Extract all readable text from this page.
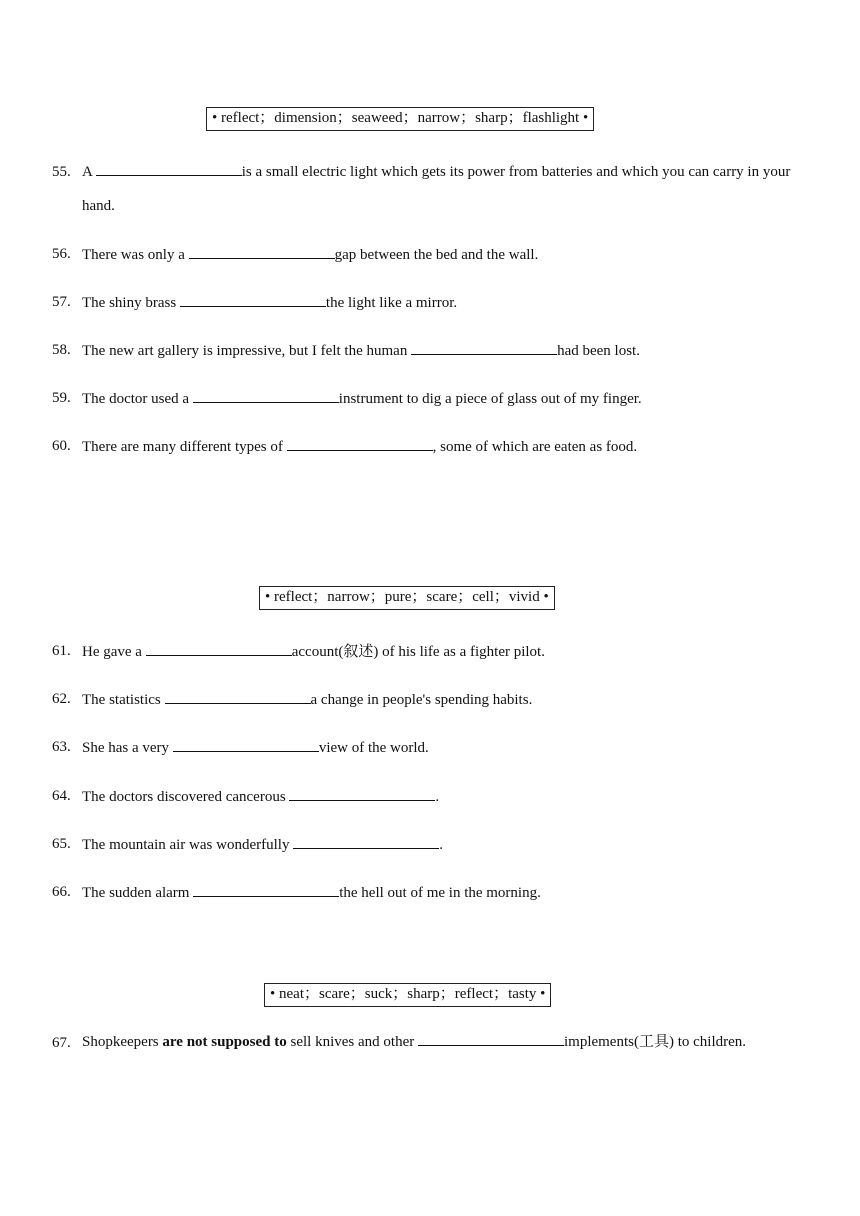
• reflect；dimension；seaweed；narrow；sharp；flashlight •
55. A	is a small electric light which gets its power from batteries and which you can carry in your hand.
56. There was only a	gap between the bed and the wall.
57. The shiny brass	the light like a mirror.
58. The new art gallery is impressive, but I felt the human	had been lost.
59. The doctor used a	instrument to dig a piece of glass out of my finger.
60. There are many different types of	, some of which are eaten as food.
• reflect；narrow；pure；scare；cell；vivid •
61. He gave a	account(叙述) of his life as a fighter pilot.
62. The statistics	a change in people's spending habits.
63. She has a very	view of the world.
64. The doctors discovered cancerous	.
65. The mountain air was wonderfully	.
66. The sudden alarm	the hell out of me in the morning.
• neat；scare；suck；sharp；reflect；tasty •
67. Shopkeepers are not supposed to sell knives and other	implements(工具) to children.
